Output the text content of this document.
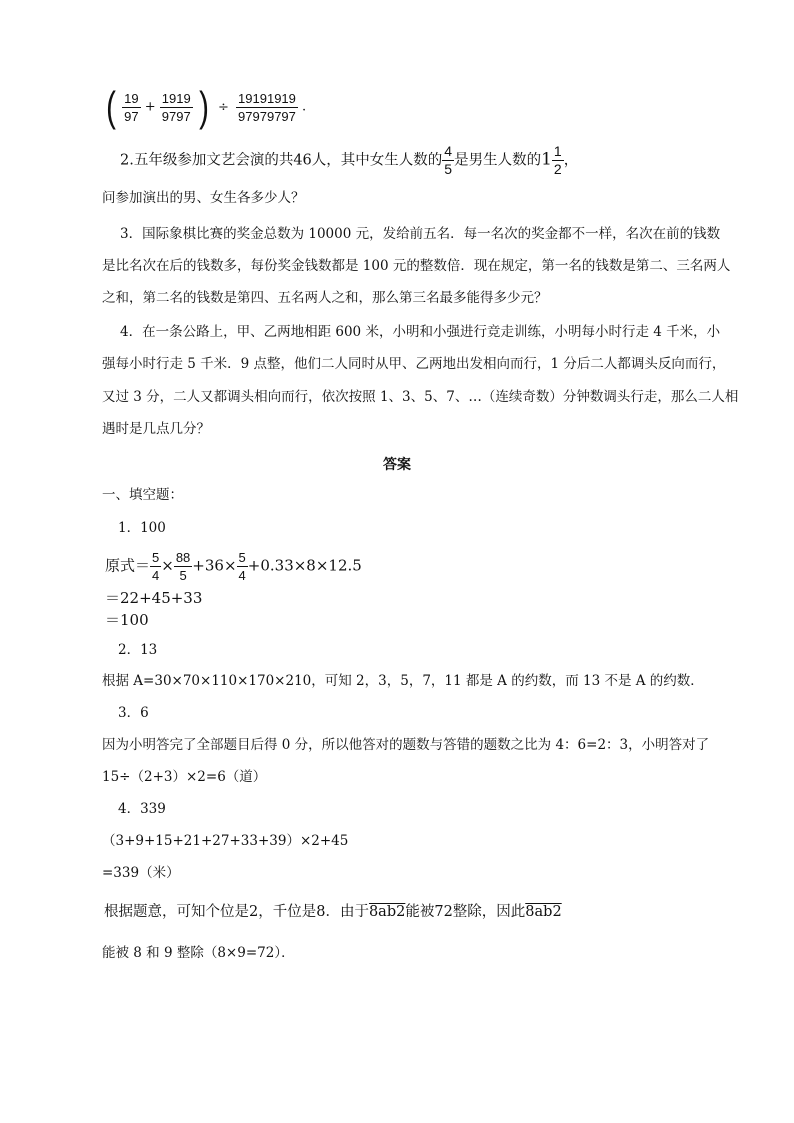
( $\frac{19}{97} + \frac{1919}{9797}$ ) ÷ $\frac{19191919}{97979797}$ .
2.五年级参加文艺会演的共46人，其中女生人数的 $\frac{4}{5}$ 是男生人数的$1 \frac{1}{2}$ ，
问参加演出的男、女生各多少人？
3．国际象棋比赛的奖金总数为 10000 元，发给前五名．每一名次的奖金都不一样，名次在前的钱数
是比名次在后的钱数多，每份奖金钱数都是 100 元的整数倍．现在规定，第一名的钱数是第二、三名两人
之和，第二名的钱数是第四、五名两人之和，那么第三名最多能得多少元？
4．在一条公路上，甲、乙两地相距 600 米，小明和小强进行竞走训练，小明每小时行走 4 千米，小
强每小时行走 5 千米．9 点整，他们二人同时从甲、乙两地出发相向而行，1 分后二人都调头反向而行，
又过 3 分，二人又都调头相向而行，依次按照 1、3、5、7、…（连续奇数）分钟数调头行走，那么二人相
遇时是几点几分？
答案
一、填空题：
1．100
原式＝ $\frac{5}{4} \times \frac{88}{5} +36\times \frac{5}{4} +0.33\times 8\times 12.5$
＝22+45+33
＝100
2．13
根据 A=30×70×110×170×210，可知 2，3，5，7，11 都是 A 的约数，而 13 不是 A 的约数．
3．6
因为小明答完了全部题目后得 0 分，所以他答对的题数与答错的题数之比为 4：6=2：3，小明答对了
15÷（2+3）×2=6（道）
4．339
（3+9+15+21+27+33+39）×2+45
=339（米）
根据题意，可知个位是2，千位是8．由于8ab2能被72整除，因此8ab2
能被 8 和 9 整除（8×9=72）．
